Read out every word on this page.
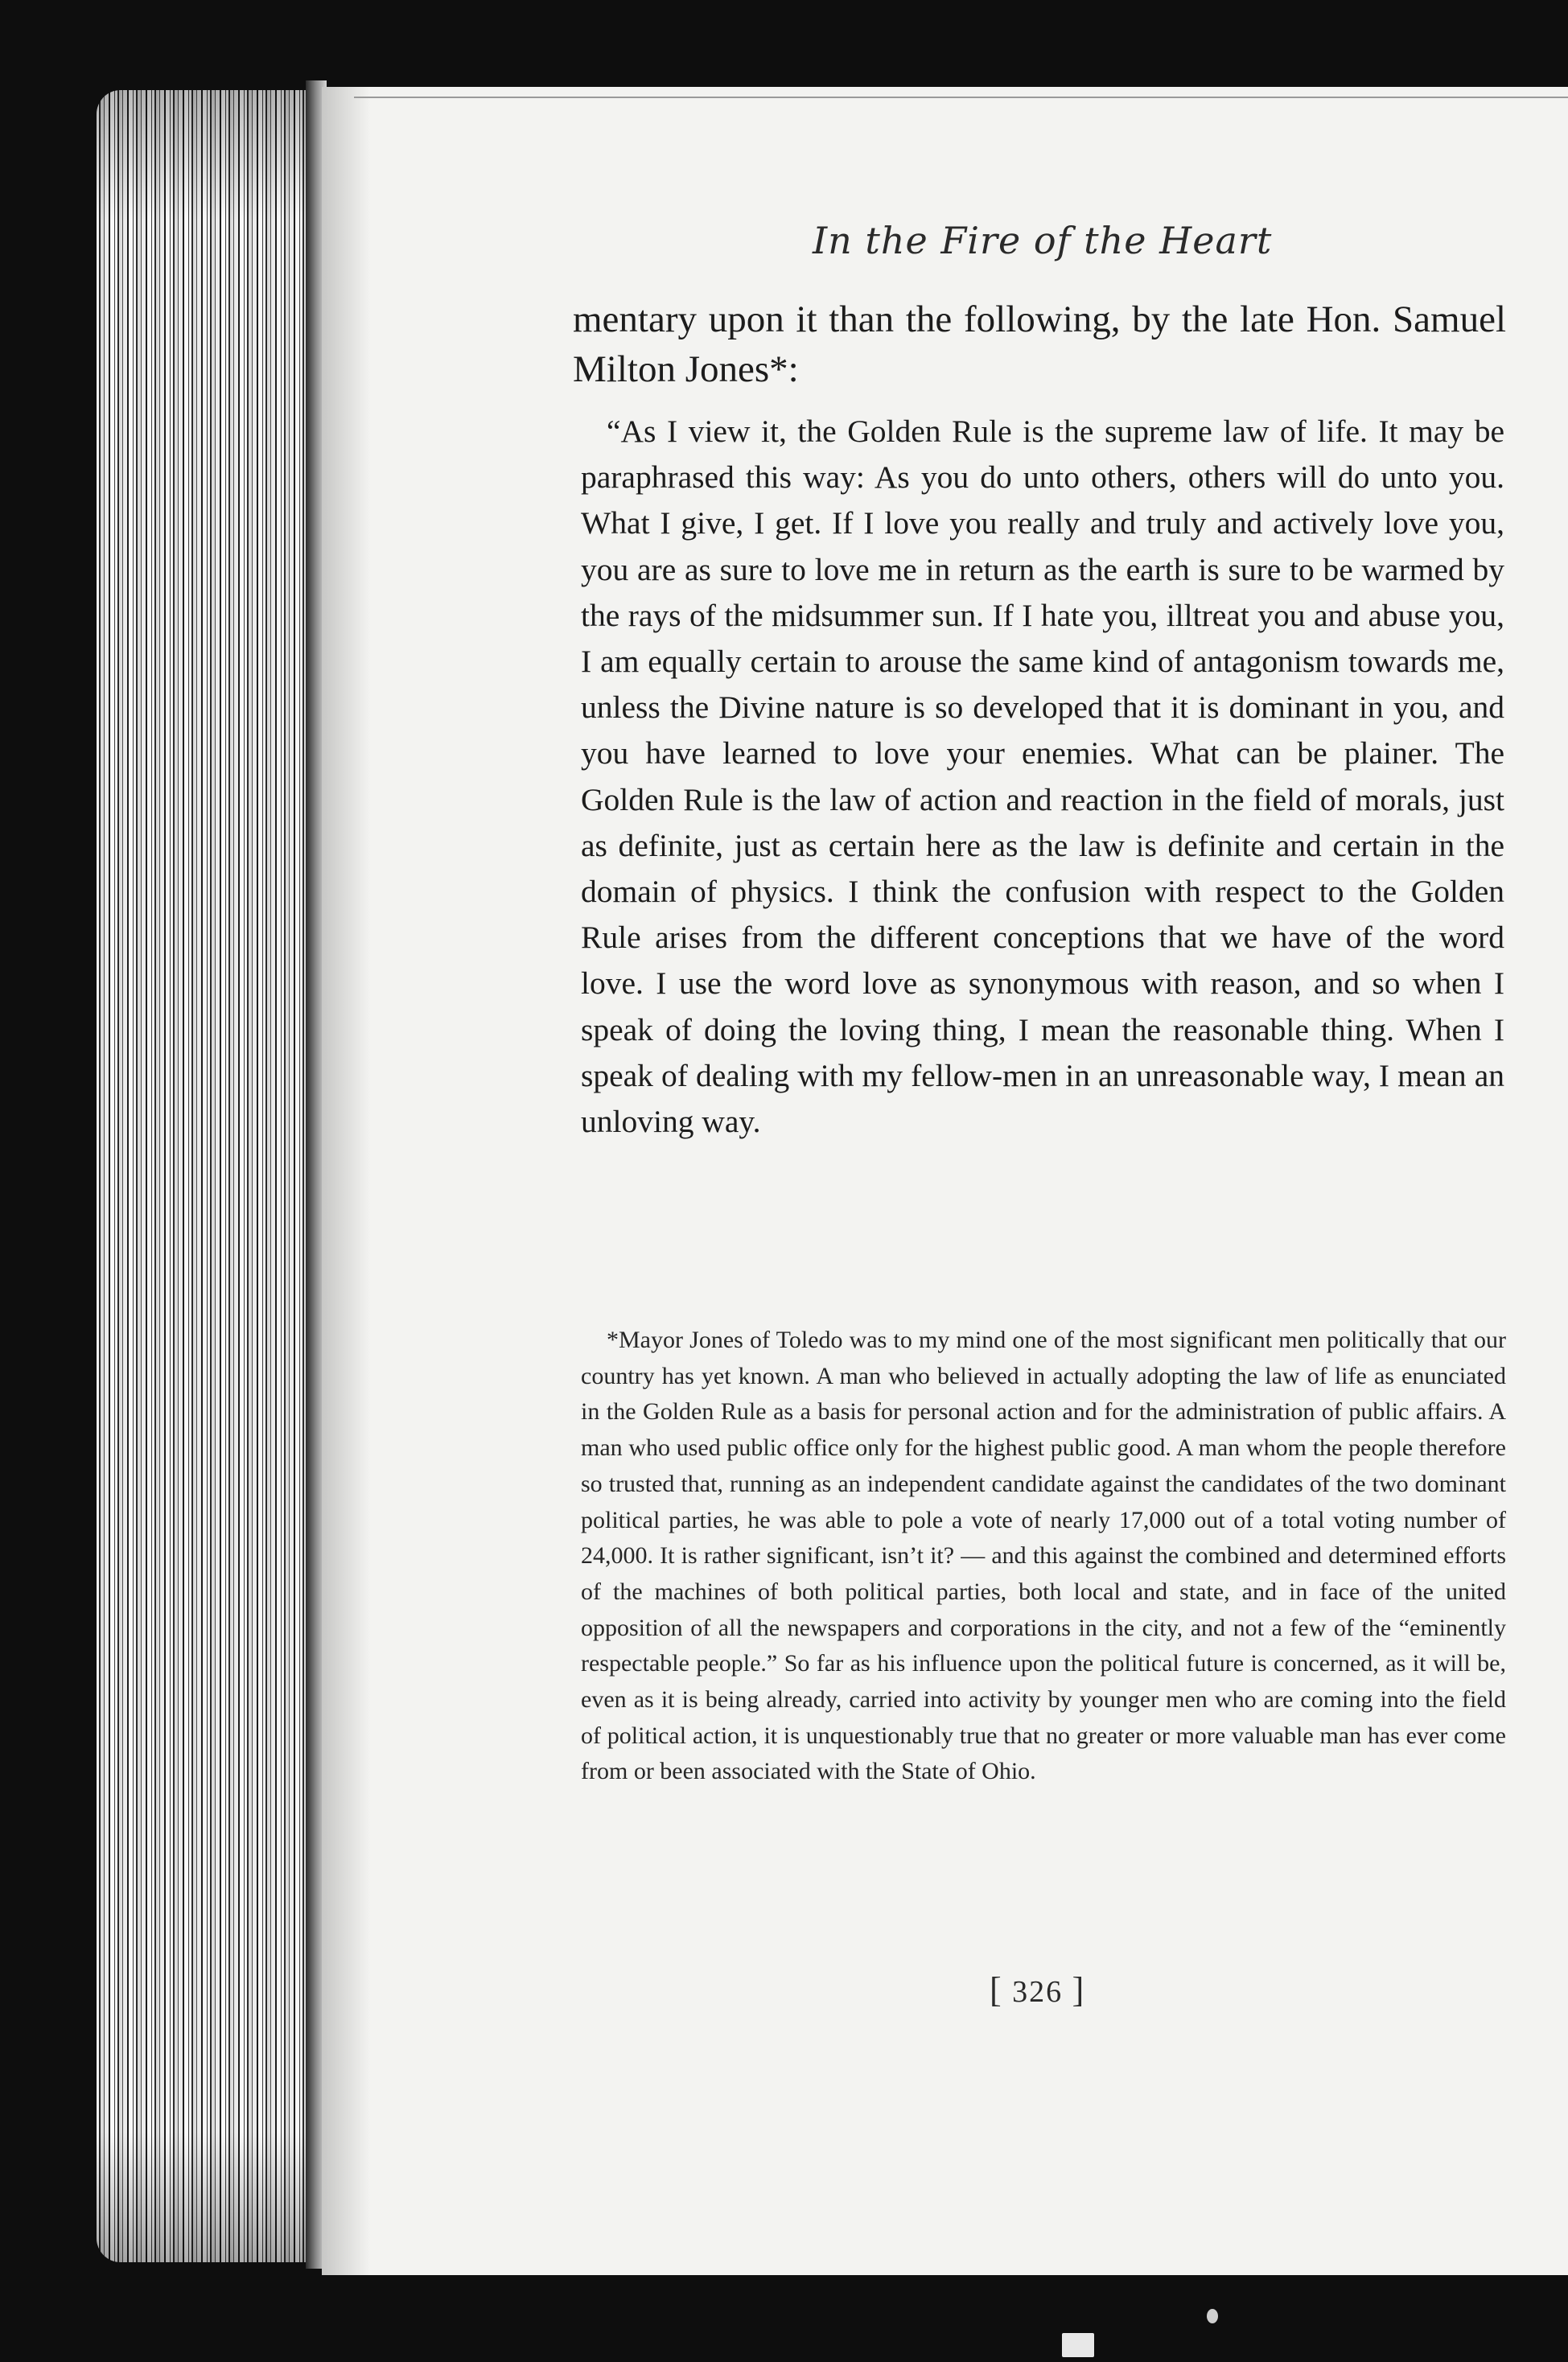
In the Fire of the Heart
mentary upon it than the following, by the late Hon. Samuel Milton Jones*:
“As I view it, the Golden Rule is the supreme law of life. It may be paraphrased this way: As you do unto others, others will do unto you. What I give, I get. If I love you really and truly and actively love you, you are as sure to love me in return as the earth is sure to be warmed by the rays of the midsummer sun. If I hate you, illtreat you and abuse you, I am equally certain to arouse the same kind of antagonism towards me, unless the Divine nature is so developed that it is dominant in you, and you have learned to love your enemies. What can be plainer. The Golden Rule is the law of action and reaction in the field of morals, just as definite, just as certain here as the law is definite and certain in the domain of physics. I think the confusion with respect to the Golden Rule arises from the different conceptions that we have of the word love. I use the word love as synonymous with reason, and so when I speak of doing the loving thing, I mean the reasonable thing. When I speak of dealing with my fellow-men in an unreasonable way, I mean an unloving way.
*Mayor Jones of Toledo was to my mind one of the most significant men politically that our country has yet known. A man who believed in actually adopting the law of life as enunciated in the Golden Rule as a basis for personal action and for the administration of public affairs. A man who used public office only for the highest public good. A man whom the people therefore so trusted that, running as an independent candidate against the candidates of the two dominant political parties, he was able to pole a vote of nearly 17,000 out of a total voting number of 24,000. It is rather significant, isn’t it? — and this against the combined and determined efforts of the machines of both political parties, both local and state, and in face of the united opposition of all the newspapers and corporations in the city, and not a few of the “eminently respectable people.” So far as his influence upon the political future is concerned, as it will be, even as it is being already, carried into activity by younger men who are coming into the field of political action, it is unquestionably true that no greater or more valuable man has ever come from or been associated with the State of Ohio.
[ 326 ]
